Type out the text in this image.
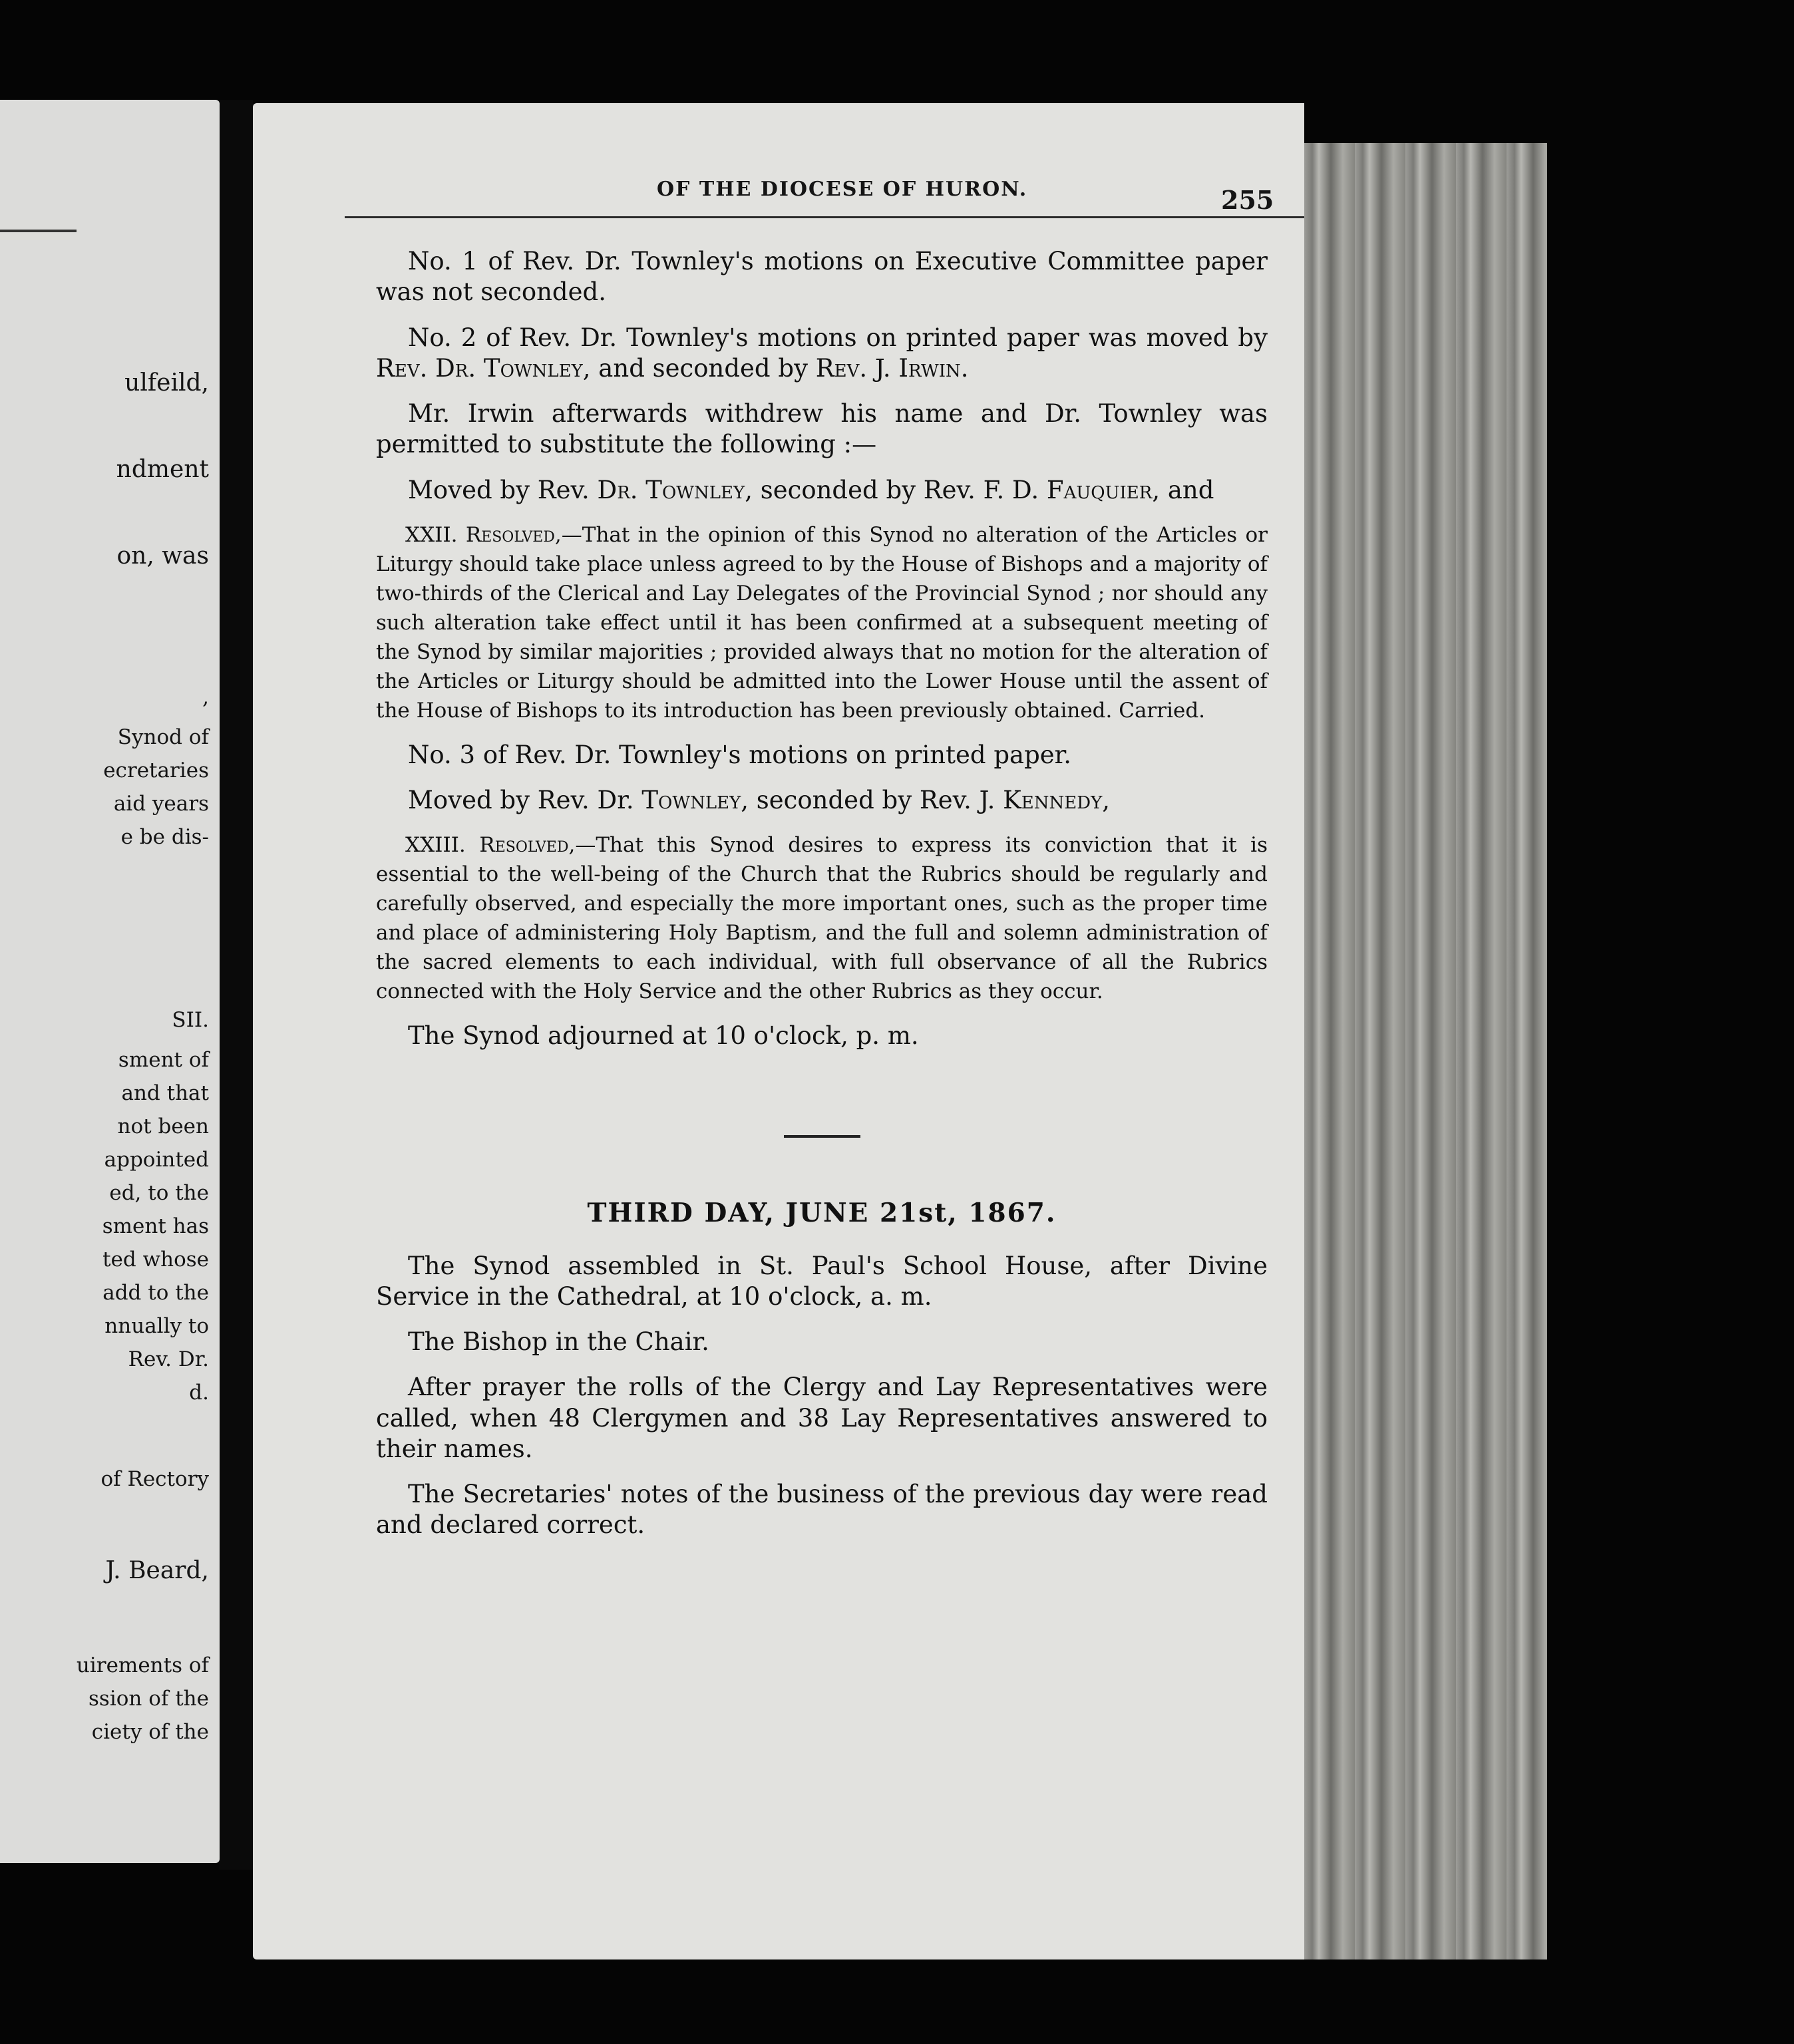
ulfeild,
ndment
on, was
,
Synod of
ecretaries
aid years
e be dis-
SII.
sment of
and that
not been
appointed
ed, to the
sment has
ted whose
add to the
nnually to
Rev. Dr.
d.
of Rectory
J. Beard,
uirements of
ssion of the
ciety of the
OF THE DIOCESE OF HURON.	255

No. 1 of Rev. Dr. Townley's motions on Executive Committee paper was not seconded.

No. 2 of Rev. Dr. Townley's motions on printed paper was moved by Rev. Dr. Townley, and seconded by Rev. J. Irwin.

Mr. Irwin afterwards withdrew his name and Dr. Townley was permitted to substitute the following :—

Moved by Rev. Dr. Townley, seconded by Rev. F. D. Fauquier, and

XXII. Resolved,—That in the opinion of this Synod no alteration of the Articles or Liturgy should take place unless agreed to by the House of Bishops and a majority of two-thirds of the Clerical and Lay Delegates of the Provincial Synod ; nor should any such alteration take effect until it has been confirmed at a subsequent meeting of the Synod by similar majorities ; provided always that no motion for the alteration of the Articles or Liturgy should be admitted into the Lower House until the assent of the House of Bishops to its introduction has been previously obtained. Carried.

No. 3 of Rev. Dr. Townley's motions on printed paper.

Moved by Rev. Dr. Townley, seconded by Rev. J. Kennedy,

XXIII. Resolved,—That this Synod desires to express its conviction that it is essential to the well-being of the Church that the Rubrics should be regularly and carefully observed, and especially the more important ones, such as the proper time and place of administering Holy Baptism, and the full and solemn administration of the sacred elements to each individual, with full observance of all the Rubrics connected with the Holy Service and the other Rubrics as they occur.

The Synod adjourned at 10 o'clock, p. m.

THIRD DAY, JUNE 21st, 1867.

The Synod assembled in St. Paul's School House, after Divine Service in the Cathedral, at 10 o'clock, a. m.

The Bishop in the Chair.

After prayer the rolls of the Clergy and Lay Representatives were called, when 48 Clergymen and 38 Lay Representatives answered to their names.

The Secretaries' notes of the business of the previous day were read and declared correct.
